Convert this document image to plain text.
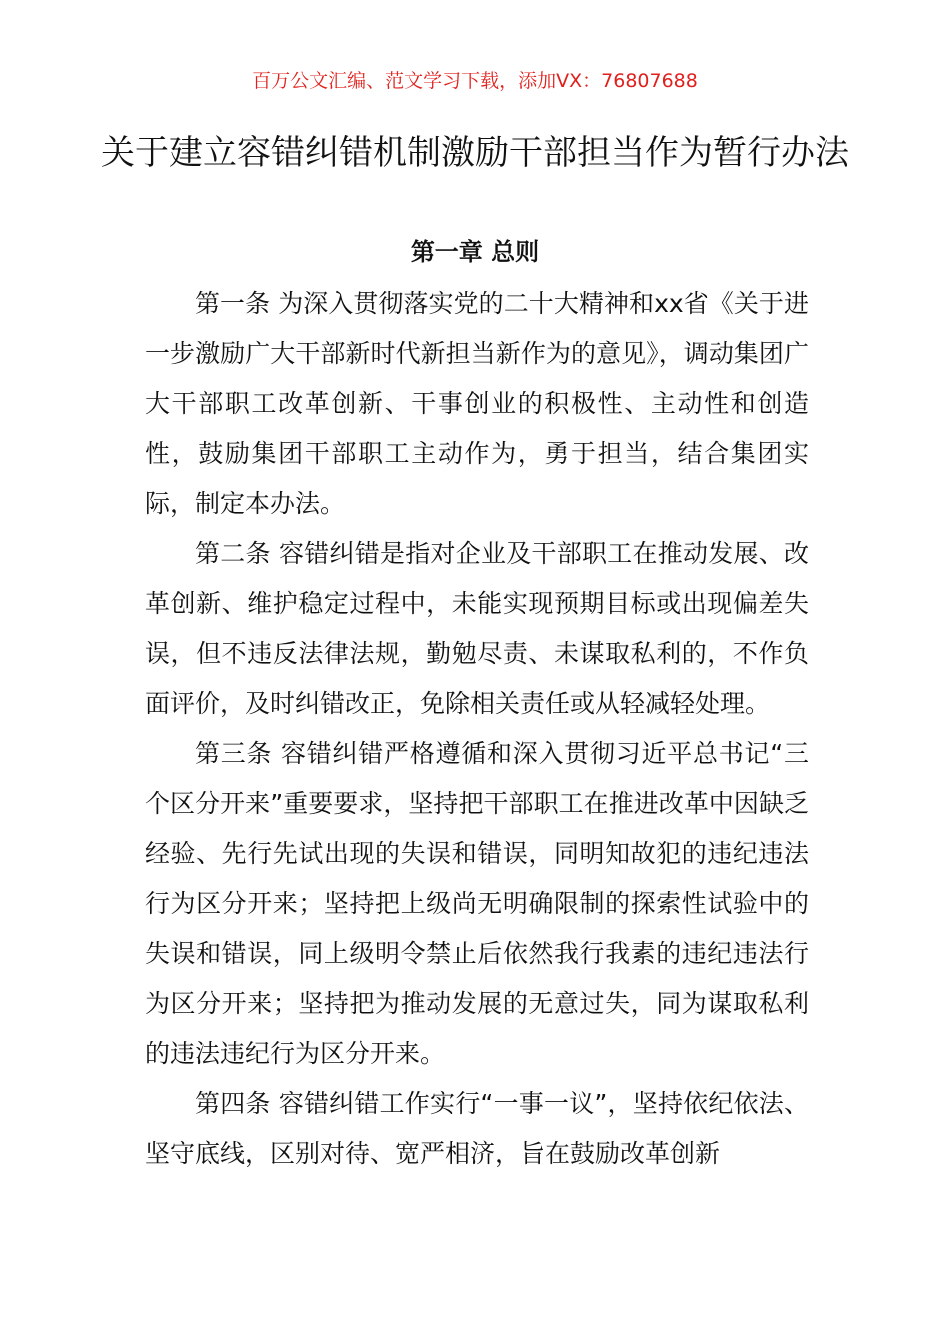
百万公文汇编、范文学习下载，添加VX：76807688
关于建立容错纠错机制激励干部担当作为暂行办法
第一章 总则

第一条 为深入贯彻落实党的二十大精神和xx省《关于进一步激励广大干部新时代新担当新作为的意见》，调动集团广大干部职工改革创新、干事创业的积极性、主动性和创造性，鼓励集团干部职工主动作为，勇于担当，结合集团实际，制定本办法。

第二条 容错纠错是指对企业及干部职工在推动发展、改革创新、维护稳定过程中，未能实现预期目标或出现偏差失误，但不违反法律法规，勤勉尽责、未谋取私利的，不作负面评价，及时纠错改正，免除相关责任或从轻减轻处理。

第三条 容错纠错严格遵循和深入贯彻习近平总书记“三个区分开来”重要要求，坚持把干部职工在推进改革中因缺乏经验、先行先试出现的失误和错误，同明知故犯的违纪违法行为区分开来；坚持把上级尚无明确限制的探索性试验中的失误和错误，同上级明令禁止后依然我行我素的违纪违法行为区分开来；坚持把为推动发展的无意过失，同为谋取私利的违法违纪行为区分开来。

第四条 容错纠错工作实行“一事一议”，坚持依纪依法、坚守底线，区别对待、宽严相济，旨在鼓励改革创新
